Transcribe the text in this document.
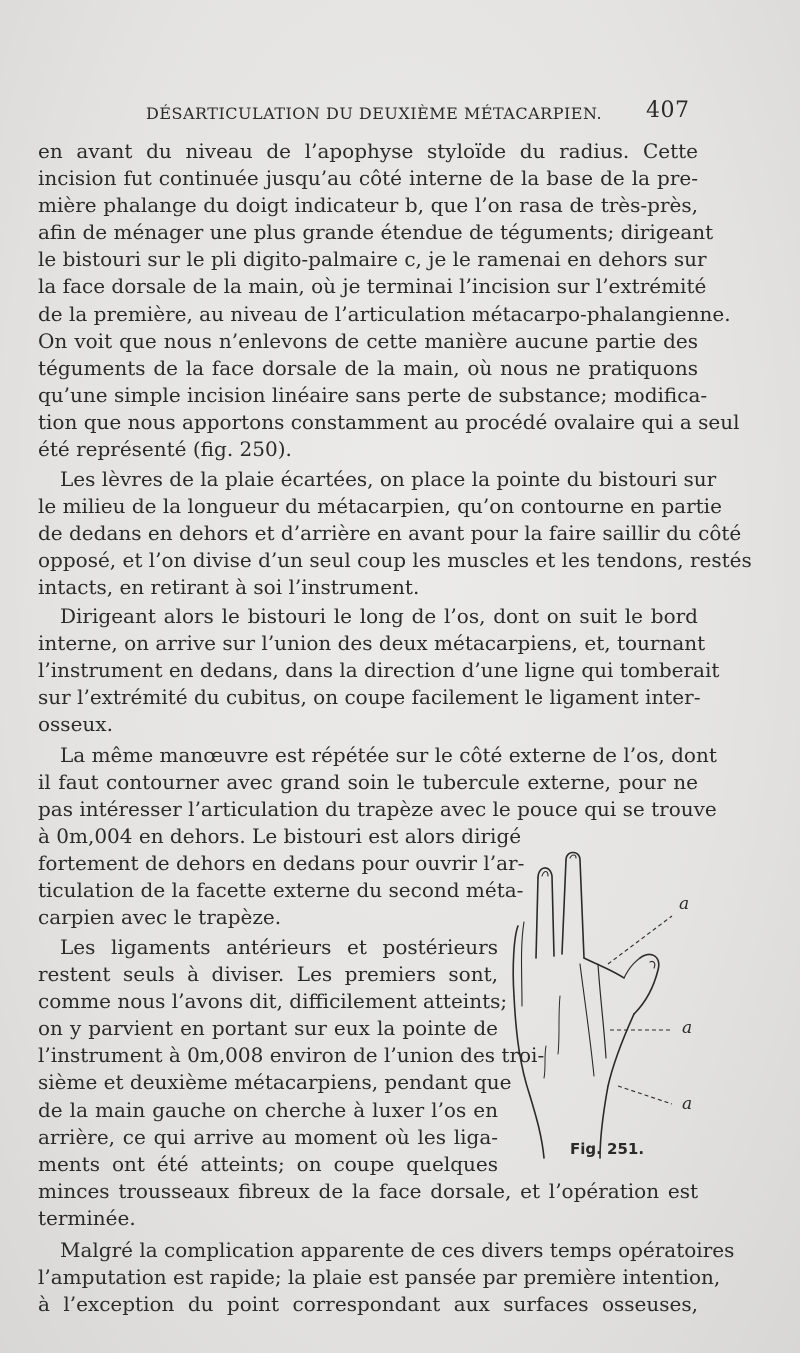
DÉSARTICULATION DU DEUXIÈME MÉTACARPIEN. 407
en avant du niveau de l’apophyse styloïde du radius. Cette
incision fut continuée jusqu’au côté interne de la base de la pre-
mière phalange du doigt indicateur b, que l’on rasa de très-près,
afin de ménager une plus grande étendue de téguments; dirigeant
le bistouri sur le pli digito-palmaire c, je le ramenai en dehors sur
la face dorsale de la main, où je terminai l’incision sur l’extrémité
de la première, au niveau de l’articulation métacarpo-phalangienne.
On voit que nous n’enlevons de cette manière aucune partie des
téguments de la face dorsale de la main, où nous ne pratiquons
qu’une simple incision linéaire sans perte de substance; modifica-
tion que nous apportons constamment au procédé ovalaire qui a seul
été représenté (fig. 250).
Les lèvres de la plaie écartées, on place la pointe du bistouri sur
le milieu de la longueur du métacarpien, qu’on contourne en partie
de dedans en dehors et d’arrière en avant pour la faire saillir du côté
opposé, et l’on divise d’un seul coup les muscles et les tendons, restés
intacts, en retirant à soi l’instrument.
Dirigeant alors le bistouri le long de l’os, dont on suit le bord
interne, on arrive sur l’union des deux métacarpiens, et, tournant
l’instrument en dedans, dans la direction d’une ligne qui tomberait
sur l’extrémité du cubitus, on coupe facilement le ligament inter-
osseux.
La même manœuvre est répétée sur le côté externe de l’os, dont
il faut contourner avec grand soin le tubercule externe, pour ne
pas intéresser l’articulation du trapèze avec le pouce qui se trouve
à 0m,004 en dehors. Le bistouri est alors dirigé
fortement de dehors en dedans pour ouvrir l’ar-
ticulation de la facette externe du second méta-
carpien avec le trapèze.
Les ligaments antérieurs et postérieurs
restent seuls à diviser. Les premiers sont,
comme nous l’avons dit, difficilement atteints;
on y parvient en portant sur eux la pointe de
l’instrument à 0m,008 environ de l’union des troi-
sième et deuxième métacarpiens, pendant que
de la main gauche on cherche à luxer l’os en
arrière, ce qui arrive au moment où les liga-
ments ont été atteints; on coupe quelques
minces trousseaux fibreux de la face dorsale, et l’opération est
terminée.
Malgré la complication apparente de ces divers temps opératoires
l’amputation est rapide; la plaie est pansée par première intention,
à l’exception du point correspondant aux surfaces osseuses,
a
a
a
Fig. 251.
